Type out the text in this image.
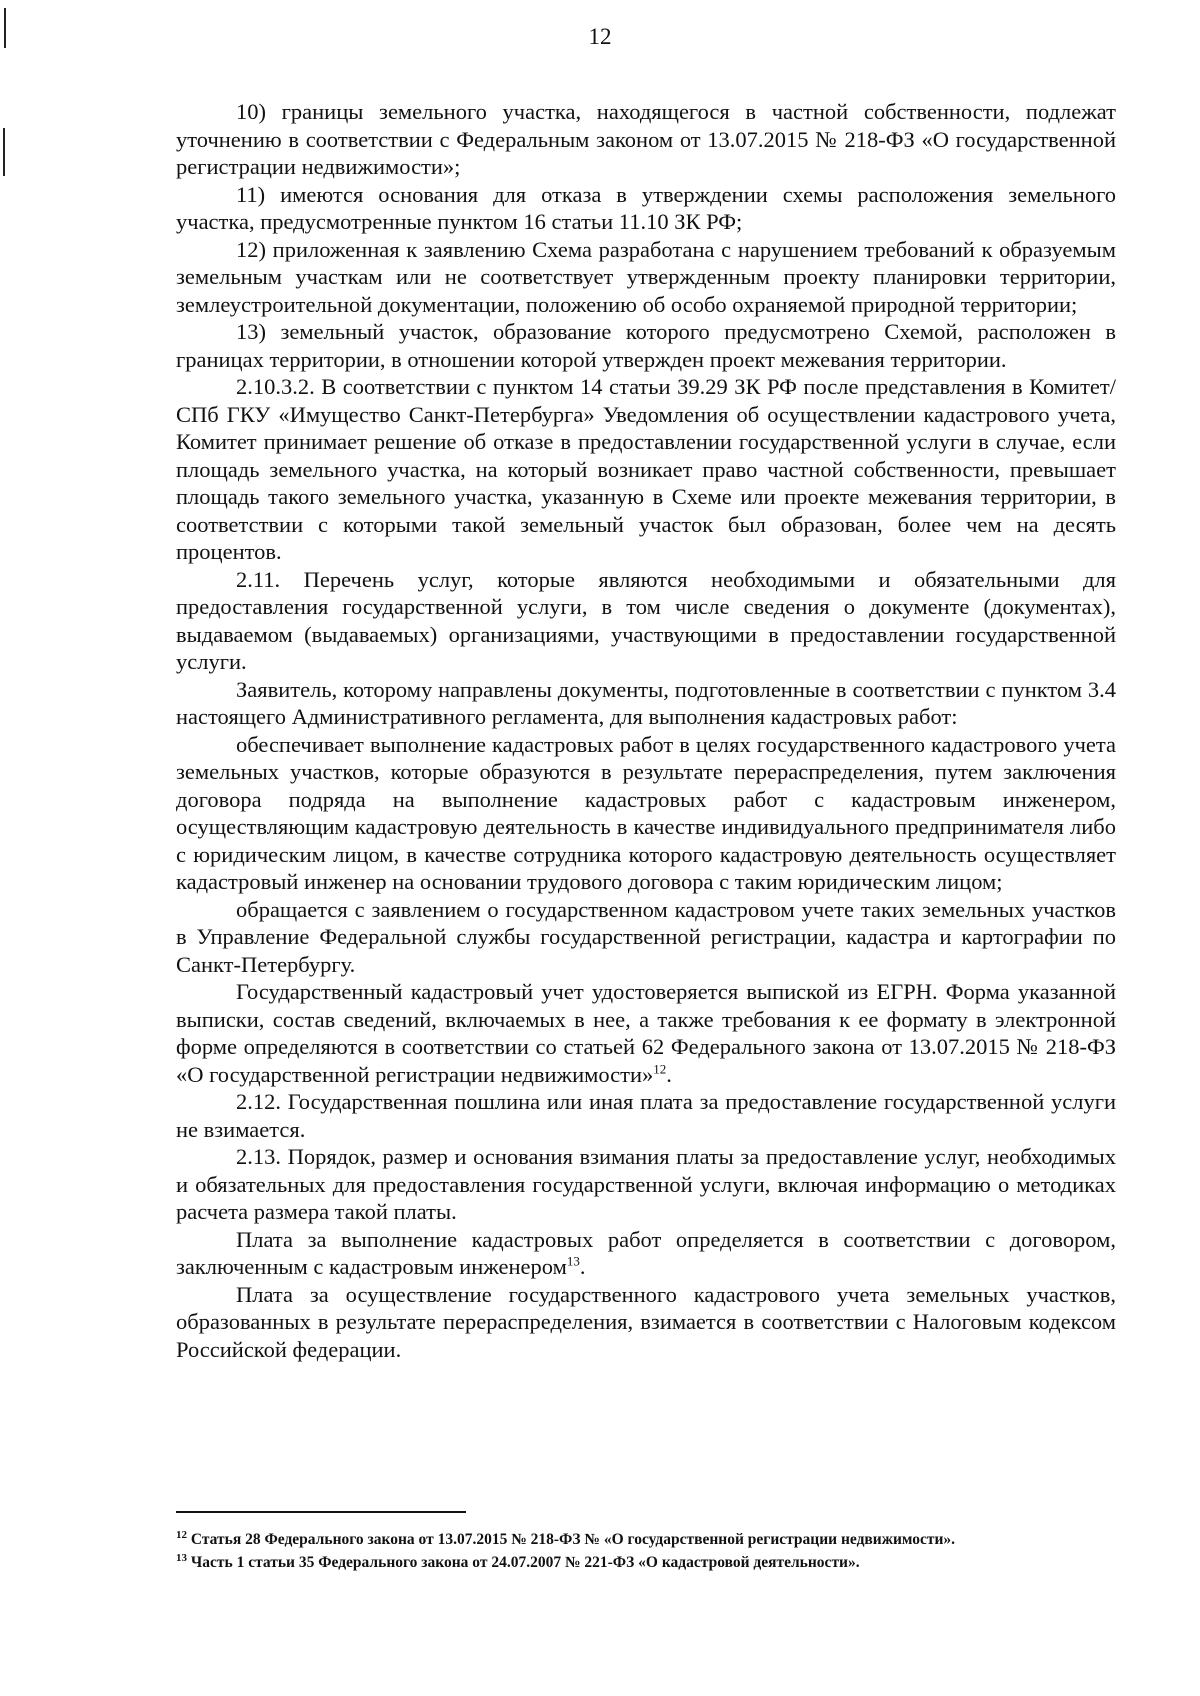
12

10) границы земельного участка, находящегося в частной собственности, подлежат уточнению в соответствии с Федеральным законом от 13.07.2015 № 218-ФЗ «О государственной регистрации недвижимости»;

11) имеются основания для отказа в утверждении схемы расположения земельного участка, предусмотренные пунктом 16 статьи 11.10 ЗК РФ;

12) приложенная к заявлению Схема разработана с нарушением требований к образуемым земельным участкам или не соответствует утвержденным проекту планировки территории, землеустроительной документации, положению об особо охраняемой природной территории;

13) земельный участок, образование которого предусмотрено Схемой, расположен в границах территории, в отношении которой утвержден проект межевания территории.

2.10.3.2. В соответствии с пунктом 14 статьи 39.29 ЗК РФ после представления в Комитет/СПб ГКУ «Имущество Санкт-Петербурга» Уведомления об осуществлении кадастрового учета, Комитет принимает решение об отказе в предоставлении государственной услуги в случае, если площадь земельного участка, на который возникает право частной собственности, превышает площадь такого земельного участка, указанную в Схеме или проекте межевания территории, в соответствии с которыми такой земельный участок был образован, более чем на десять процентов.

2.11. Перечень услуг, которые являются необходимыми и обязательными для предоставления государственной услуги, в том числе сведения о документе (документах), выдаваемом (выдаваемых) организациями, участвующими в предоставлении государственной услуги.

Заявитель, которому направлены документы, подготовленные в соответствии с пунктом 3.4 настоящего Административного регламента, для выполнения кадастровых работ:

обеспечивает выполнение кадастровых работ в целях государственного кадастрового учета земельных участков, которые образуются в результате перераспределения, путем заключения договора подряда на выполнение кадастровых работ с кадастровым инженером, осуществляющим кадастровую деятельность в качестве индивидуального предпринимателя либо с юридическим лицом, в качестве сотрудника которого кадастровую деятельность осуществляет кадастровый инженер на основании трудового договора с таким юридическим лицом;

обращается с заявлением о государственном кадастровом учете таких земельных участков в Управление Федеральной службы государственной регистрации, кадастра и картографии по Санкт-Петербургу.

Государственный кадастровый учет удостоверяется выпиской из ЕГРН. Форма указанной выписки, состав сведений, включаемых в нее, а также требования к ее формату в электронной форме определяются в соответствии со статьей 62 Федерального закона от 13.07.2015 № 218-ФЗ «О государственной регистрации недвижимости»$^{12}$.

2.12. Государственная пошлина или иная плата за предоставление государственной услуги не взимается.

2.13. Порядок, размер и основания взимания платы за предоставление услуг, необходимых и обязательных для предоставления государственной услуги, включая информацию о методиках расчета размера такой платы.

Плата за выполнение кадастровых работ определяется в соответствии с договором, заключенным с кадастровым инженером$^{13}$.

Плата за осуществление государственного кадастрового учета земельных участков, образованных в результате перераспределения, взимается в соответствии с Налоговым кодексом Российской федерации.

$^{12}$ Статья 28 Федерального закона от 13.07.2015 № 218-ФЗ № «О государственной регистрации недвижимости».

$^{13}$ Часть 1 статьи 35 Федерального закона от 24.07.2007 № 221-ФЗ «О кадастровой деятельности».
